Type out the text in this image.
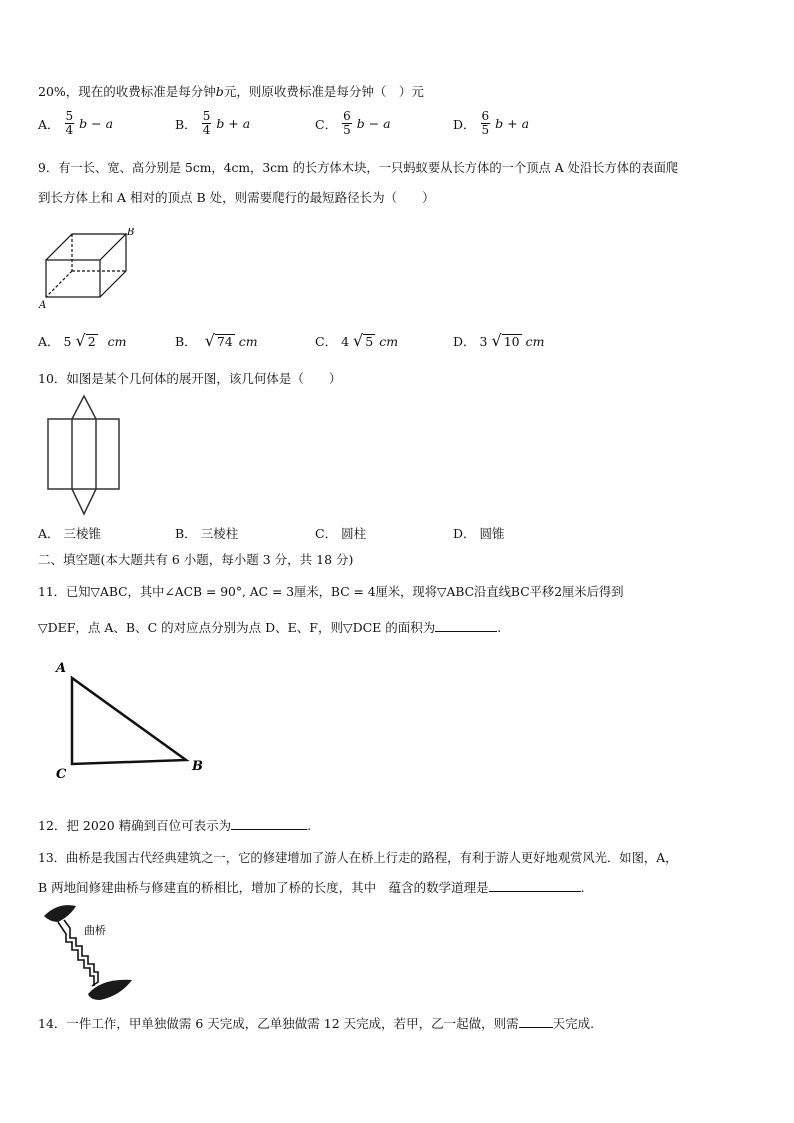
20%，现在的收费标准是每分钟b元，则原收费标准是每分钟（　）元
A． $\frac{5}{4}$ b − a	B． $\frac{5}{4}$ b + a	C． $\frac{6}{5}$ b − a	D． $\frac{6}{5}$ b + a
9．有一长、宽、高分别是 5cm，4cm，3cm 的长方体木块，一只蚂蚁要从长方体的一个顶点 A 处沿长方体的表面爬
到长方体上和 A 相对的顶点 B 处，则需要爬行的最短路径长为（　　）
B
A
A． 5 √ 2 cm	B． √ 74 cm	C． 4 √ 5 cm	D． 3 √ 10 cm
10．如图是某个几何体的展开图，该几何体是（　　）
A． 三棱锥	B． 三棱柱	C． 圆柱	D． 圆锥
二、填空题(本大题共有 6 小题，每小题 3 分，共 18 分)
11．已知▽ABC，其中∠ACB = 90°, AC = 3厘米，BC = 4厘米，现将▽ABC沿直线BC平移2厘米后得到
▽DEF，点 A、B、C 的对应点分别为点 D、E、F，则▽DCE 的面积为	.
A
C
B
12．把 2020 精确到百位可表示为	.
13．曲桥是我国古代经典建筑之一，它的修建增加了游人在桥上行走的路程，有利于游人更好地观赏风光．如图，A，
B 两地间修建曲桥与修建直的桥相比，增加了桥的长度，其中　蕴含的数学道理是	.
曲桥
14．一件工作，甲单独做需 6 天完成，乙单独做需 12 天完成，若甲，乙一起做，则需	天完成.
